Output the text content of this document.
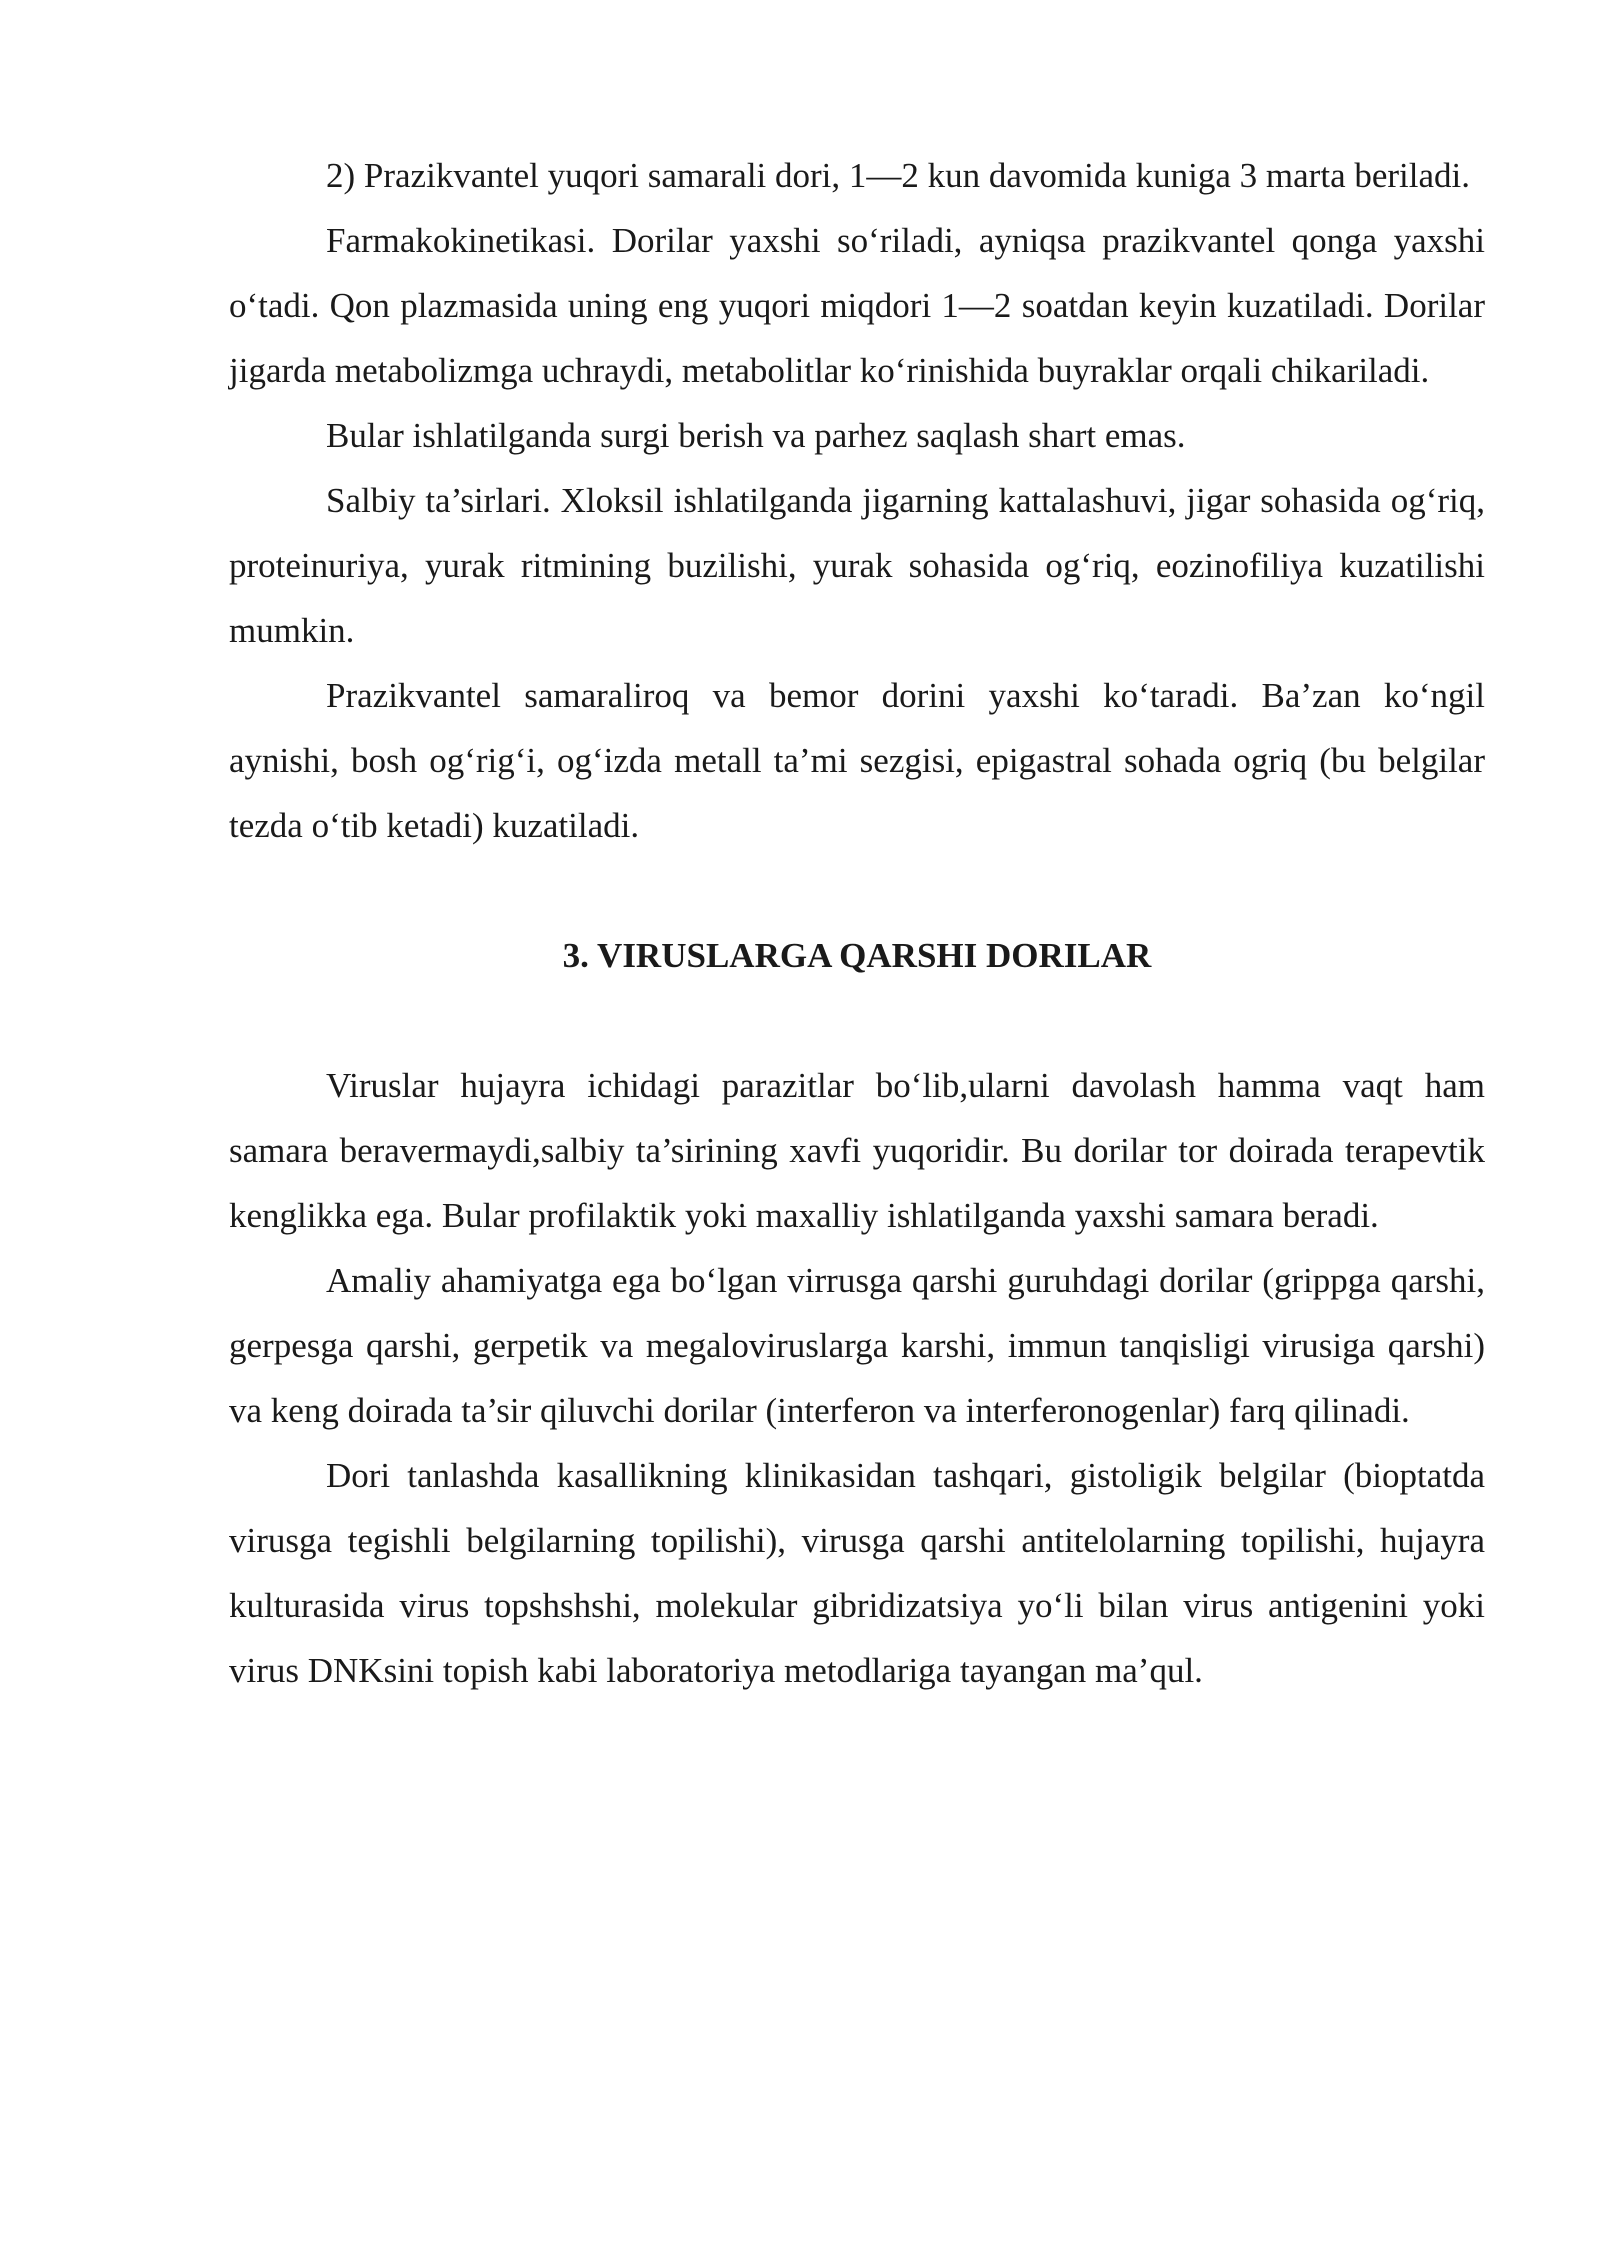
2) Prazikvantel yuqori samarali dori, 1—2 kun davomida kuniga 3 marta beriladi.

Farmakokinetikasi. Dorilar yaxshi so‘riladi, ayniqsa prazikvantel qonga yaxshi o‘tadi. Qon plazmasida uning eng yuqori miqdori 1—2 soatdan keyin kuzatiladi. Dorilar jigarda metabolizmga uchraydi, metabolitlar ko‘rinishida buyraklar orqali chikariladi.

Bular ishlatilganda surgi berish va parhez saqlash shart emas.

Salbiy ta’sirlari. Xloksil ishlatilganda jigarning kattalashuvi, jigar sohasida og‘riq, proteinuriya, yurak ritmining buzilishi, yurak sohasida og‘riq, eozinofiliya kuzatilishi mumkin.

Prazikvantel samaraliroq va bemor dorini yaxshi ko‘taradi. Ba’zan ko‘ngil aynishi, bosh og‘rig‘i, og‘izda metall ta’mi sezgisi, epigastral sohada ogriq (bu belgilar tezda o‘tib ketadi) kuzatiladi.

3. VIRUSLARGA QARSHI DORILAR

Viruslar hujayra ichidagi parazitlar bo‘lib,ularni davolash hamma vaqt ham samara beravermaydi,salbiy ta’sirining xavfi yuqoridir. Bu dorilar tor doirada terapevtik kenglikka ega. Bular profilaktik yoki maxalliy ishlatilganda yaxshi samara beradi.

Amaliy ahamiyatga ega bo‘lgan virrusga qarshi guruhdagi dorilar (grippga qarshi, gerpesga qarshi, gerpetik va megaloviruslarga karshi, immun tanqisligi virusiga qarshi) va keng doirada ta’sir qiluvchi dorilar (interferon va interferonogenlar) farq qilinadi.

Dori tanlashda kasallikning klinikasidan tashqari, gistoligik belgilar (bioptatda virusga tegishli belgilarning topilishi), virusga qarshi antitelolarning topilishi, hujayra kulturasida virus topshshshi, molekular gibridizatsiya yo‘li bilan virus antigenini yoki virus DNKsini topish kabi laboratoriya metodlariga tayangan ma’qul.
